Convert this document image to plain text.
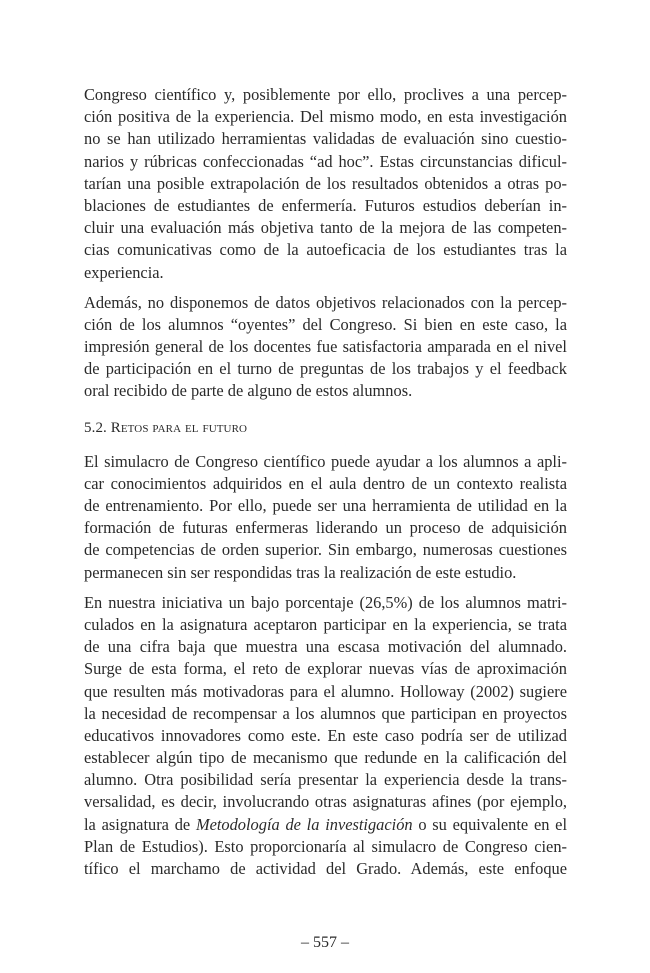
Congreso científico y, posiblemente por ello, proclives a una percep-
ción positiva de la experiencia. Del mismo modo, en esta investigación
no se han utilizado herramientas validadas de evaluación sino cuestio-
narios y rúbricas confeccionadas “ad hoc”. Estas circunstancias dificul-
tarían una posible extrapolación de los resultados obtenidos a otras po-
blaciones de estudiantes de enfermería. Futuros estudios deberían in-
cluir una evaluación más objetiva tanto de la mejora de las competen-
cias comunicativas como de la autoeficacia de los estudiantes tras la
experiencia.

Además, no disponemos de datos objetivos relacionados con la percep-
ción de los alumnos “oyentes” del Congreso. Si bien en este caso, la
impresión general de los docentes fue satisfactoria amparada en el nivel
de participación en el turno de preguntas de los trabajos y el feedback
oral recibido de parte de alguno de estos alumnos.

5.2. Retos para el futuro

El simulacro de Congreso científico puede ayudar a los alumnos a apli-
car conocimientos adquiridos en el aula dentro de un contexto realista
de entrenamiento. Por ello, puede ser una herramienta de utilidad en la
formación de futuras enfermeras liderando un proceso de adquisición
de competencias de orden superior. Sin embargo, numerosas cuestiones
permanecen sin ser respondidas tras la realización de este estudio.

En nuestra iniciativa un bajo porcentaje (26,5%) de los alumnos matri-
culados en la asignatura aceptaron participar en la experiencia, se trata
de una cifra baja que muestra una escasa motivación del alumnado.
Surge de esta forma, el reto de explorar nuevas vías de aproximación
que resulten más motivadoras para el alumno. Holloway (2002) sugiere
la necesidad de recompensar a los alumnos que participan en proyectos
educativos innovadores como este. En este caso podría ser de utilizad
establecer algún tipo de mecanismo que redunde en la calificación del
alumno. Otra posibilidad sería presentar la experiencia desde la trans-
versalidad, es decir, involucrando otras asignaturas afines (por ejemplo,
la asignatura de Metodología de la investigación o su equivalente en el
Plan de Estudios). Esto proporcionaría al simulacro de Congreso cien-
tífico el marchamo de actividad del Grado. Además, este enfoque

– 557 –
